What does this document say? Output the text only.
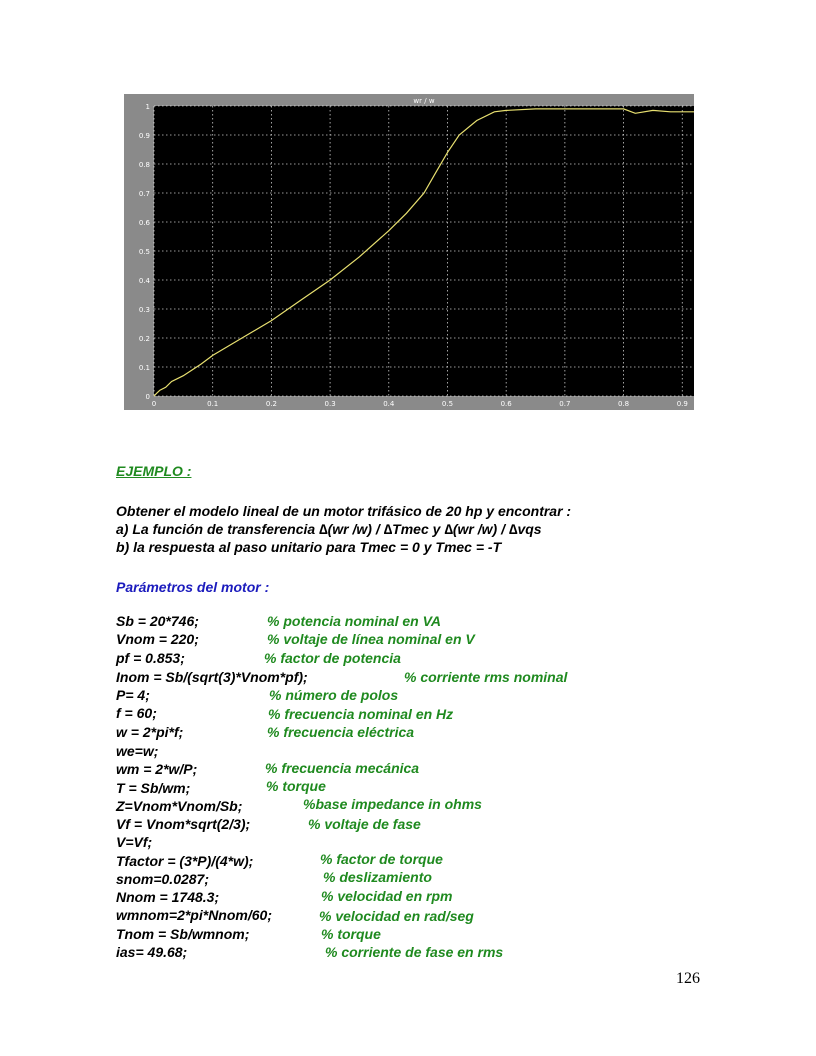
wr / w
0
0.1
0.2
0.3
0.4
0.5
0.6
0.7
0.8
0.9
1
0	0.1	0.2	0.3	0.4	0.5	0.6	0.7	0.8	0.9
EJEMPLO :
Obtener el modelo lineal de un motor trifásico de 20 hp y encontrar :
a) La función de transferencia ∆(wr /w) / ∆Tmec y ∆(wr /w) / ∆vqs
b) la respuesta al paso unitario para Tmec = 0 y Tmec = -T
Parámetros del motor :
Sb = 20*746;	% potencia nominal en VA
Vnom = 220;	% voltaje de línea nominal en V
pf = 0.853;	% factor de potencia
Inom = Sb/(sqrt(3)*Vnom*pf);	% corriente rms nominal
P= 4;	% número de polos
f = 60;	% frecuencia nominal en Hz
w = 2*pi*f;	% frecuencia eléctrica
we=w;
wm = 2*w/P;	% frecuencia mecánica
T = Sb/wm;	% torque
Z=Vnom*Vnom/Sb;	%base impedance in ohms
Vf = Vnom*sqrt(2/3);	% voltaje de fase
V=Vf;
Tfactor = (3*P)/(4*w);	% factor de torque
snom=0.0287;	% deslizamiento
Nnom = 1748.3;	% velocidad en rpm
wmnom=2*pi*Nnom/60;	% velocidad en rad/seg
Tnom = Sb/wmnom;	% torque
ias= 49.68;	% corriente de fase en rms
126
